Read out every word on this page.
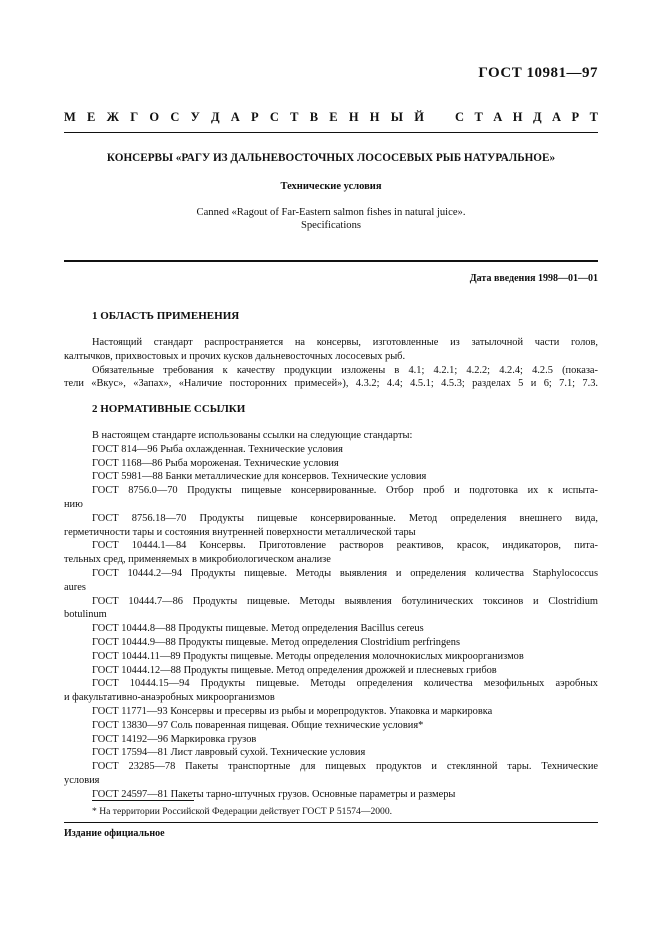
ГОСТ 10981—97
М Е Ж Г О С У Д А Р С Т В Е Н Н Ы Й С Т А Н Д А Р Т
КОНСЕРВЫ «РАГУ ИЗ ДАЛЬНЕВОСТОЧНЫХ ЛОСОСЕВЫХ РЫБ НАТУРАЛЬНОЕ»
Технические условия
Canned «Ragout of Far-Eastern salmon fishes in natural juice».
Specifications
Дата введения 1998—01—01
1 ОБЛАСТЬ ПРИМЕНЕНИЯ
Настоящий стандарт распространяется на консервы, изготовленные из затылочной части голов,
калтычков, прихвостовых и прочих кусков дальневосточных лососевых рыб.
Обязательные требования к качеству продукции изложены в 4.1; 4.2.1; 4.2.2; 4.2.4; 4.2.5 (показа-
тели «Вкус», «Запах», «Наличие посторонних примесей»), 4.3.2; 4.4; 4.5.1; 4.5.3; разделах 5 и 6; 7.1; 7.3.
2 НОРМАТИВНЫЕ ССЫЛКИ
В настоящем стандарте использованы ссылки на следующие стандарты:
ГОСТ 814—96 Рыба охлажденная. Технические условия
ГОСТ 1168—86 Рыба мороженая. Технические условия
ГОСТ 5981—88 Банки металлические для консервов. Технические условия
ГОСТ 8756.0—70 Продукты пищевые консервированные. Отбор проб и подготовка их к испыта-
нию
ГОСТ 8756.18—70 Продукты пищевые консервированные. Метод определения внешнего вида,
герметичности тары и состояния внутренней поверхности металлической тары
ГОСТ 10444.1—84 Консервы. Приготовление растворов реактивов, красок, индикаторов, пита-
тельных сред, применяемых в микробиологическом анализе
ГОСТ 10444.2—94 Продукты пищевые. Методы выявления и определения количества Staphylococcus
aures
ГОСТ 10444.7—86 Продукты пищевые. Методы выявления ботулинических токсинов и Clostridium
botulinum
ГОСТ 10444.8—88 Продукты пищевые. Метод определения Bacillus cereus
ГОСТ 10444.9—88 Продукты пищевые. Метод определения Clostridium perfringens
ГОСТ 10444.11—89 Продукты пищевые. Методы определения молочнокислых микроорганизмов
ГОСТ 10444.12—88 Продукты пищевые. Метод определения дрожжей и плесневых грибов
ГОСТ 10444.15—94 Продукты пищевые. Методы определения количества мезофильных аэробных
и факультативно-анаэробных микроорганизмов
ГОСТ 11771—93 Консервы и пресервы из рыбы и морепродуктов. Упаковка и маркировка
ГОСТ 13830—97 Соль поваренная пищевая. Общие технические условия*
ГОСТ 14192—96 Маркировка грузов
ГОСТ 17594—81 Лист лавровый сухой. Технические условия
ГОСТ 23285—78 Пакеты транспортные для пищевых продуктов и стеклянной тары. Технические
условия
ГОСТ 24597—81 Пакеты тарно-штучных грузов. Основные параметры и размеры
* На территории Российской Федерации действует ГОСТ Р 51574—2000.
Издание официальное
